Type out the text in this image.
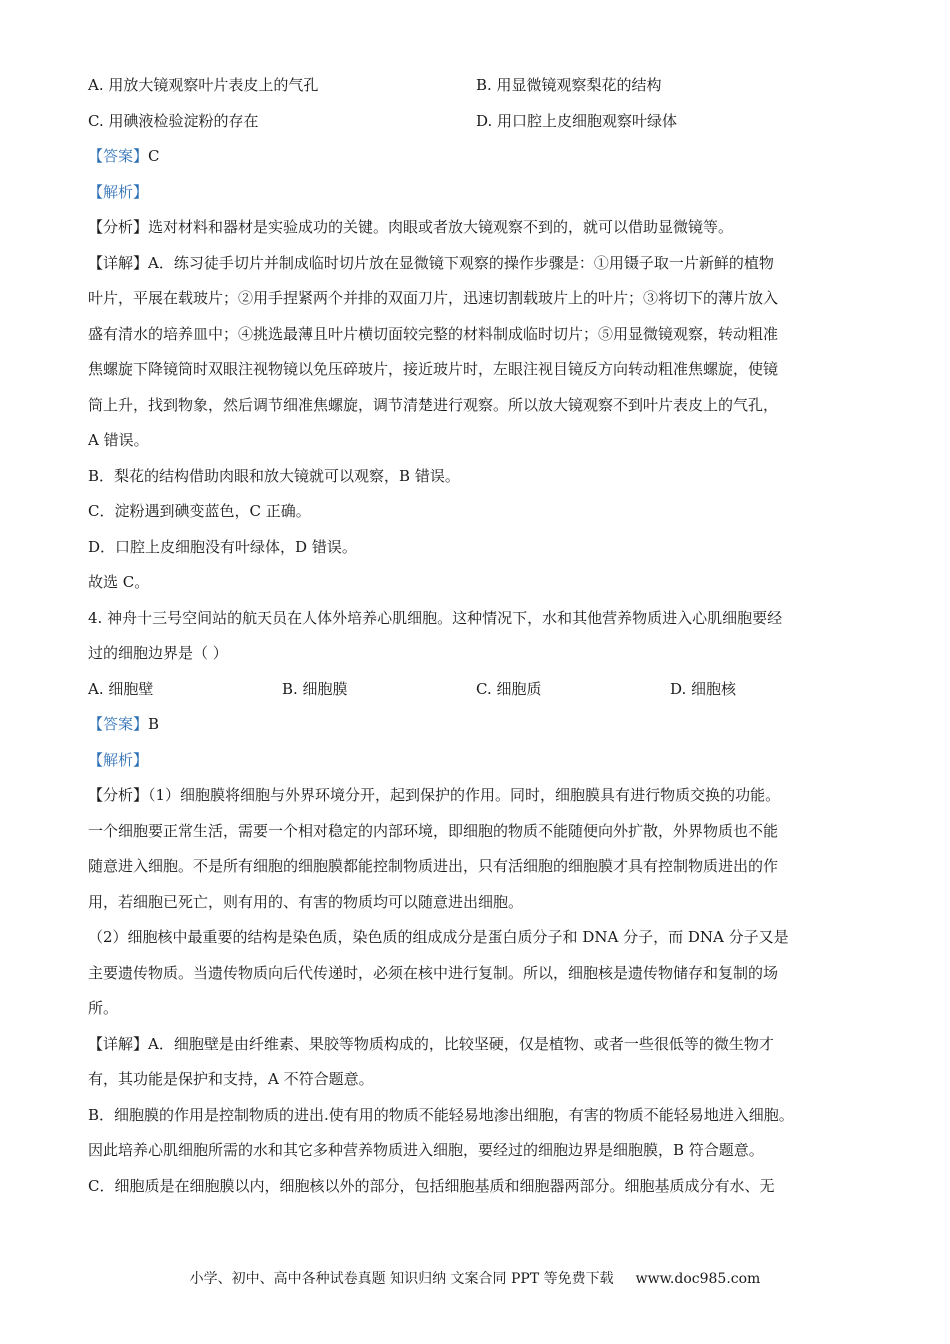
A. 用放大镜观察叶片表皮上的气孔	B. 用显微镜观察梨花的结构
C. 用碘液检验淀粉的存在	D. 用口腔上皮细胞观察叶绿体
【答案】C
【解析】
【分析】选对材料和器材是实验成功的关键。肉眼或者放大镜观察不到的，就可以借助显微镜等。
【详解】A．练习徒手切片并制成临时切片放在显微镜下观察的操作步骤是：①用镊子取一片新鲜的植物
叶片，平展在载玻片；②用手捏紧两个并排的双面刀片，迅速切割载玻片上的叶片；③将切下的薄片放入
盛有清水的培养皿中；④挑选最薄且叶片横切面较完整的材料制成临时切片；⑤用显微镜观察，转动粗准
焦螺旋下降镜筒时双眼注视物镜以免压碎玻片，接近玻片时，左眼注视目镜反方向转动粗准焦螺旋，使镜
筒上升，找到物象，然后调节细准焦螺旋，调节清楚进行观察。所以放大镜观察不到叶片表皮上的气孔，
A 错误。
B．梨花的结构借助肉眼和放大镜就可以观察，B 错误。
C．淀粉遇到碘变蓝色，C 正确。
D．口腔上皮细胞没有叶绿体，D 错误。
故选 C。
4. 神舟十三号空间站的航天员在人体外培养心肌细胞。这种情况下，水和其他营养物质进入心肌细胞要经
过的细胞边界是（ ）
A. 细胞壁	B. 细胞膜	C. 细胞质	D. 细胞核
【答案】B
【解析】
【分析】（1）细胞膜将细胞与外界环境分开，起到保护的作用。同时，细胞膜具有进行物质交换的功能。
一个细胞要正常生活，需要一个相对稳定的内部环境，即细胞的物质不能随便向外扩散，外界物质也不能
随意进入细胞。不是所有细胞的细胞膜都能控制物质进出，只有活细胞的细胞膜才具有控制物质进出的作
用，若细胞已死亡，则有用的、有害的物质均可以随意进出细胞。
（2）细胞核中最重要的结构是染色质，染色质的组成成分是蛋白质分子和 DNA 分子，而 DNA 分子又是
主要遗传物质。当遗传物质向后代传递时，必须在核中进行复制。所以，细胞核是遗传物储存和复制的场
所。
【详解】A．细胞壁是由纤维素、果胶等物质构成的，比较坚硬，仅是植物、或者一些很低等的微生物才
有，其功能是保护和支持，A 不符合题意。
B．细胞膜的作用是控制物质的进出.使有用的物质不能轻易地渗出细胞，有害的物质不能轻易地进入细胞。
因此培养心肌细胞所需的水和其它多种营养物质进入细胞，要经过的细胞边界是细胞膜，B 符合题意。
C．细胞质是在细胞膜以内，细胞核以外的部分，包括细胞基质和细胞器两部分。细胞基质成分有水、无
小学、初中、高中各种试卷真题 知识归纳 文案合同 PPT 等免费下载 www.doc985.com
